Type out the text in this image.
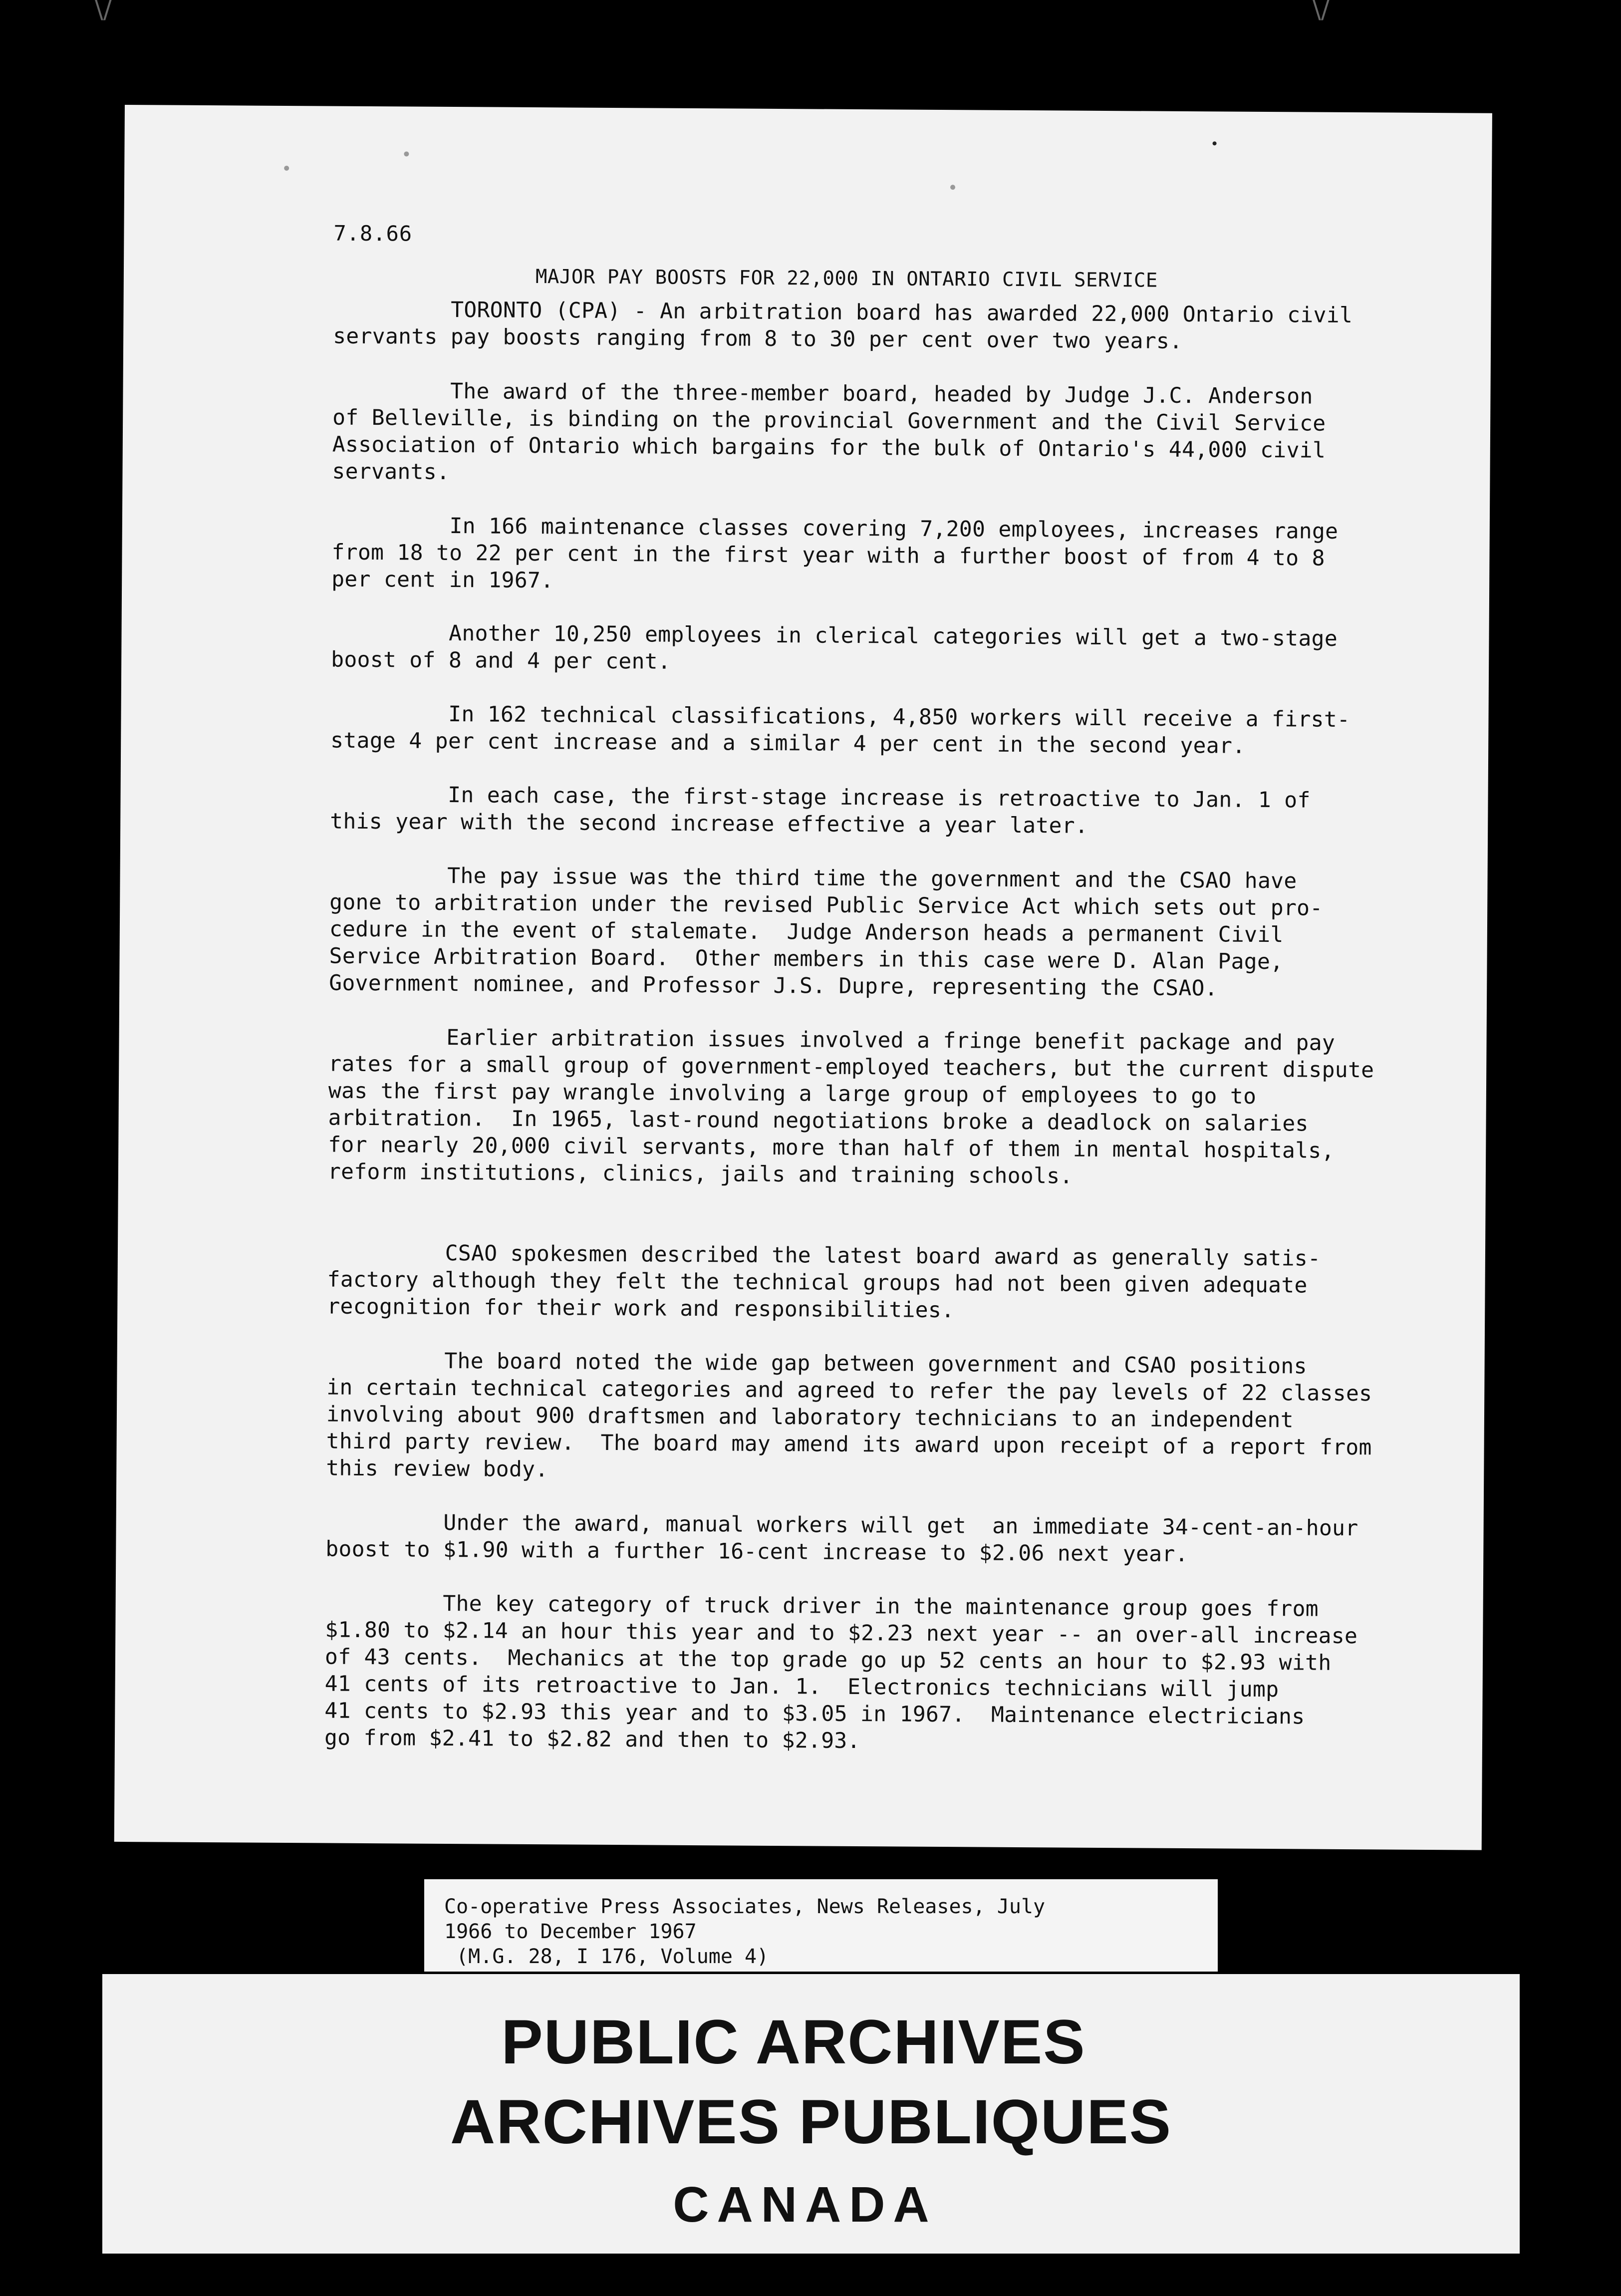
\/	\/
7.8.66
MAJOR PAY BOOSTS FOR 22,000 IN ONTARIO CIVIL SERVICE
TORONTO (CPA) - An arbitration board has awarded 22,000 Ontario civil
servants pay boosts ranging from 8 to 30 per cent over two years.
The award of the three-member board, headed by Judge J.C. Anderson
of Belleville, is binding on the provincial Government and the Civil Service
Association of Ontario which bargains for the bulk of Ontario's 44,000 civil
servants.
In 166 maintenance classes covering 7,200 employees, increases range
from 18 to 22 per cent in the first year with a further boost of from 4 to 8
per cent in 1967.
Another 10,250 employees in clerical categories will get a two-stage
boost of 8 and 4 per cent.
In 162 technical classifications, 4,850 workers will receive a first-
stage 4 per cent increase and a similar 4 per cent in the second year.
In each case, the first-stage increase is retroactive to Jan. 1 of
this year with the second increase effective a year later.
The pay issue was the third time the government and the CSAO have
gone to arbitration under the revised Public Service Act which sets out pro-
cedure in the event of stalemate.  Judge Anderson heads a permanent Civil
Service Arbitration Board.  Other members in this case were D. Alan Page,
Government nominee, and Professor J.S. Dupre, representing the CSAO.
Earlier arbitration issues involved a fringe benefit package and pay
rates for a small group of government-employed teachers, but the current dispute
was the first pay wrangle involving a large group of employees to go to
arbitration.  In 1965, last-round negotiations broke a deadlock on salaries
for nearly 20,000 civil servants, more than half of them in mental hospitals,
reform institutions, clinics, jails and training schools.
CSAO spokesmen described the latest board award as generally satis-
factory although they felt the technical groups had not been given adequate
recognition for their work and responsibilities.
The board noted the wide gap between government and CSAO positions
in certain technical categories and agreed to refer the pay levels of 22 classes
involving about 900 draftsmen and laboratory technicians to an independent
third party review.  The board may amend its award upon receipt of a report from
this review body.
Under the award, manual workers will get  an immediate 34-cent-an-hour
boost to $1.90 with a further 16-cent increase to $2.06 next year.
The key category of truck driver in the maintenance group goes from
$1.80 to $2.14 an hour this year and to $2.23 next year -- an over-all increase
of 43 cents.  Mechanics at the top grade go up 52 cents an hour to $2.93 with
41 cents of its retroactive to Jan. 1.  Electronics technicians will jump
41 cents to $2.93 this year and to $3.05 in 1967.  Maintenance electricians
go from $2.41 to $2.82 and then to $2.93.
Co-operative Press Associates, News Releases, July
1966 to December 1967
(M.G. 28, I 176, Volume 4)
PUBLIC ARCHIVES
ARCHIVES PUBLIQUES
CANADA
